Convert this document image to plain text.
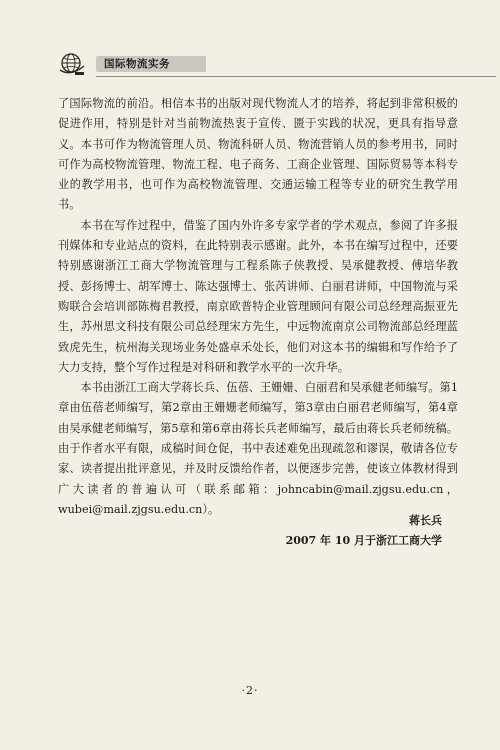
国际物流实务

了国际物流的前沿。相信本书的出版对现代物流人才的培养，将起到非常积极的促进作用，特别是针对当前物流热衷于宣传、匮于实践的状况，更具有指导意义。本书可作为物流管理人员、物流科研人员、物流营销人员的参考用书，同时可作为高校物流管理、物流工程、电子商务、工商企业管理、国际贸易等本科专业的教学用书，也可作为高校物流管理、交通运输工程等专业的研究生教学用书。

本书在写作过程中，借鉴了国内外许多专家学者的学术观点，参阅了许多报刊媒体和专业站点的资料，在此特别表示感谢。此外，本书在编写过程中，还要特别感谢浙江工商大学物流管理与工程系陈子侠教授、吴承健教授、傅培华教授、彭扬博士、胡军博士、陈达强博士、张芮讲师、白丽君讲师，中国物流与采购联合会培训部陈梅君教授，南京欧普特企业管理顾问有限公司总经理高振亚先生，苏州思文科技有限公司总经理宋方先生，中远物流南京公司物流部总经理蓝致虎先生，杭州海关现场业务处盛卓禾处长，他们对这本书的编辑和写作给予了大力支持，整个写作过程是对科研和教学水平的一次升华。

本书由浙江工商大学蒋长兵、伍蓓、王姗姗、白丽君和吴承健老师编写。第1章由伍蓓老师编写，第2章由王姗姗老师编写，第3章由白丽君老师编写，第4章由吴承健老师编写，第5章和第6章由蒋长兵老师编写，最后由蒋长兵老师统稿。由于作者水平有限，成稿时间仓促，书中表述难免出现疏忽和谬误，敬请各位专家、读者提出批评意见，并及时反馈给作者，以便逐步完善，使该立体教材得到广大读者的普遍认可（联系邮箱：johncabin@mail.zjgsu.edu.cn，wubei@mail.zjgsu.edu.cn）。

蒋长兵
2007 年 10 月于浙江工商大学
·2·
